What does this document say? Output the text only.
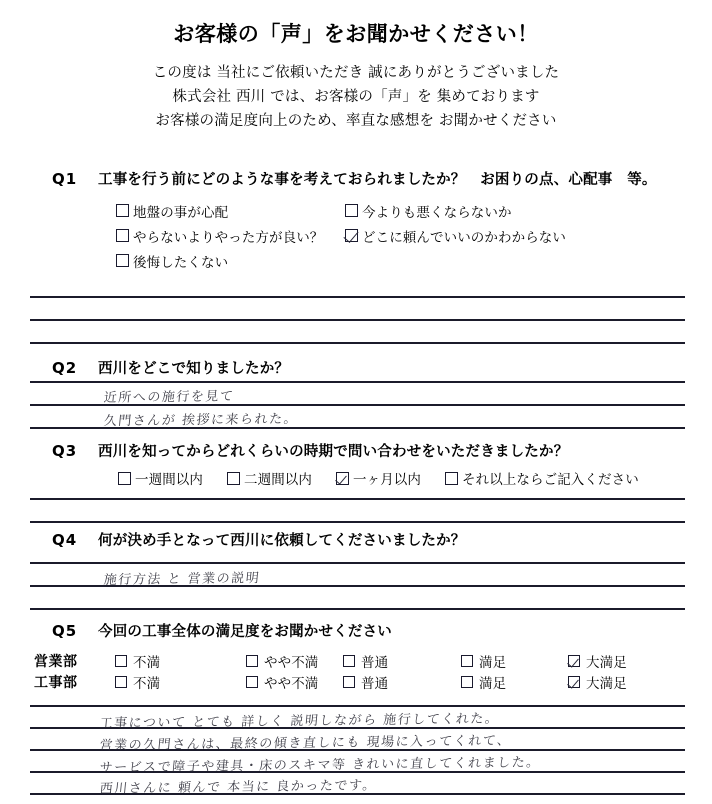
お客様の「声」をお聞かせください！
この度は 当社にご依頼いただき 誠にありがとうございました
株式会社 西川 では、お客様の「声」を 集めております
お客様の満足度向上のため、率直な感想を お聞かせください
Q1	工事を行う前にどのような事を考えておられましたか？　お困りの点、心配事　等。
地盤の事が心配	今よりも悪くならないか
やらないよりやった方が良い？	どこに頼んでいいのかわからない
後悔したくない
Q2	西川をどこで知りましたか？
近所への施行を見て
久門さんが 挨拶に来られた。
Q3	西川を知ってからどれくらいの時期で問い合わせをいただきましたか？
一週間以内	二週間以内	一ヶ月以内	それ以上ならご記入ください
Q4	何が決め手となって西川に依頼してくださいましたか？
施行方法 と 営業の説明
Q5	今回の工事全体の満足度をお聞かせください
営業部	不満	やや不満	普通	満足	大満足
工事部	不満	やや不満	普通	満足	大満足
工事について とても 詳しく 説明しながら 施行してくれた。
営業の久門さんは、最終の傾き直しにも 現場に入ってくれて、
サービスで障子や建具・床のスキマ等 きれいに直してくれました。
西川さんに 頼んで 本当に 良かったです。
